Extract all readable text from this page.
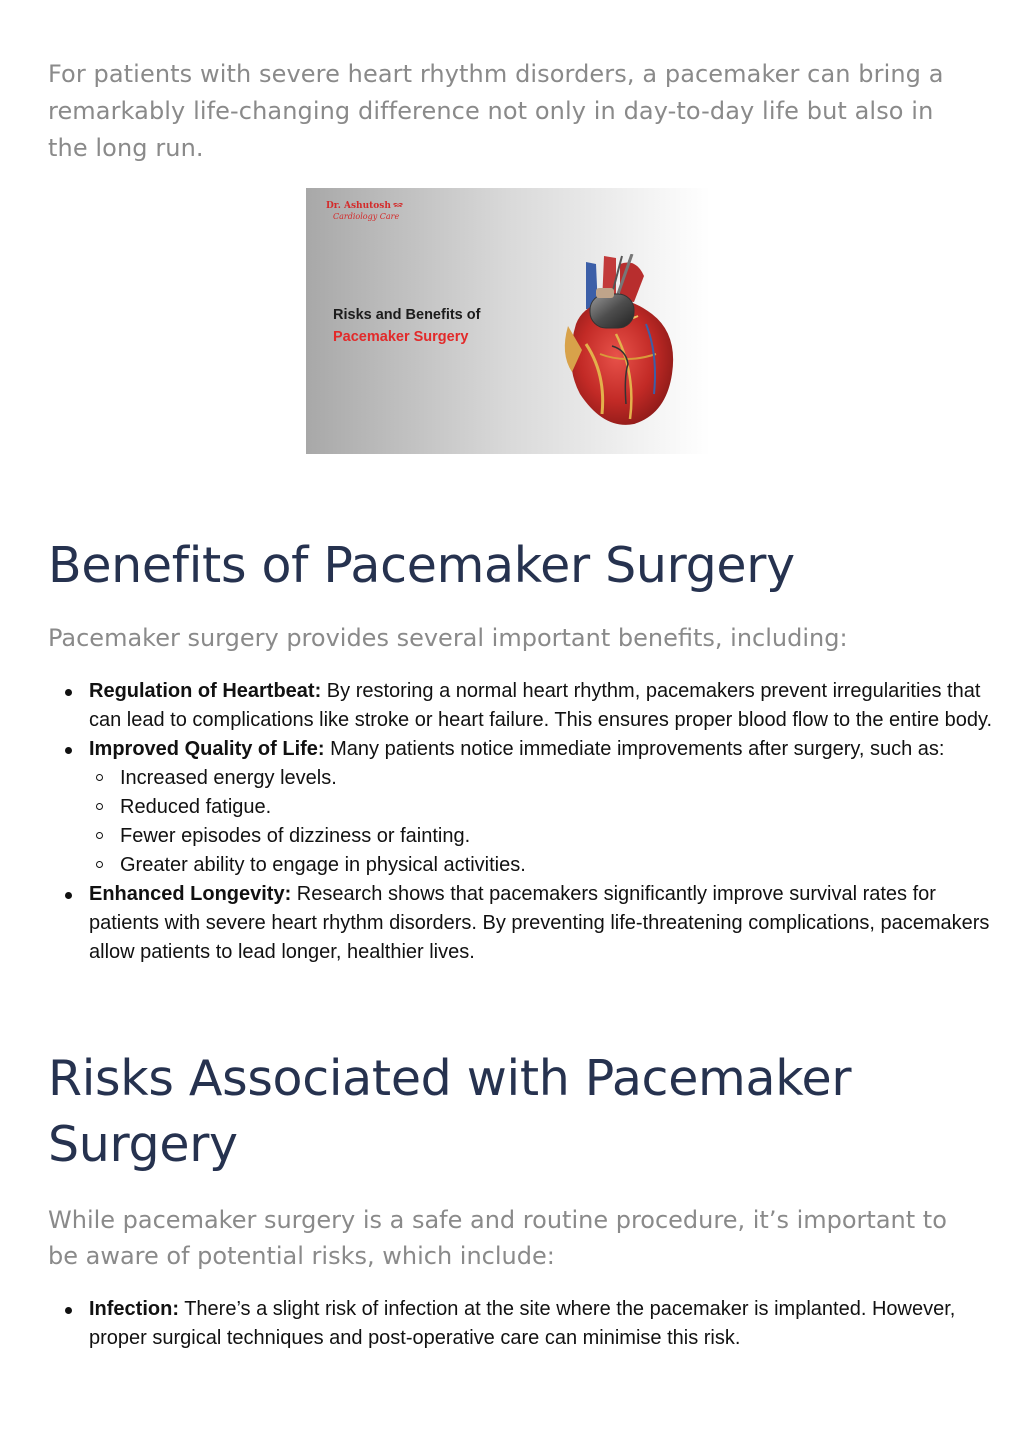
For patients with severe heart rhythm disorders, a pacemaker can bring a remarkably life-changing difference not only in day-to-day life but also in the long run.

Dr. Ashutosh
Cardiology Care
Risks and Benefits of
Pacemaker Surgery
Benefits of Pacemaker Surgery

Pacemaker surgery provides several important benefits, including:

Regulation of Heartbeat: By restoring a normal heart rhythm, pacemakers prevent irregularities that can lead to complications like stroke or heart failure. This ensures proper blood flow to the entire body.
Improved Quality of Life: Many patients notice immediate improvements after surgery, such as:
Increased energy levels.
Reduced fatigue.
Fewer episodes of dizziness or fainting.
Greater ability to engage in physical activities.
Enhanced Longevity: Research shows that pacemakers significantly improve survival rates for patients with severe heart rhythm disorders. By preventing life-threatening complications, pacemakers allow patients to lead longer, healthier lives.
Risks Associated with Pacemaker Surgery

While pacemaker surgery is a safe and routine procedure, it’s important to be aware of potential risks, which include:

Infection: There’s a slight risk of infection at the site where the pacemaker is implanted. However, proper surgical techniques and post-operative care can minimise this risk.
